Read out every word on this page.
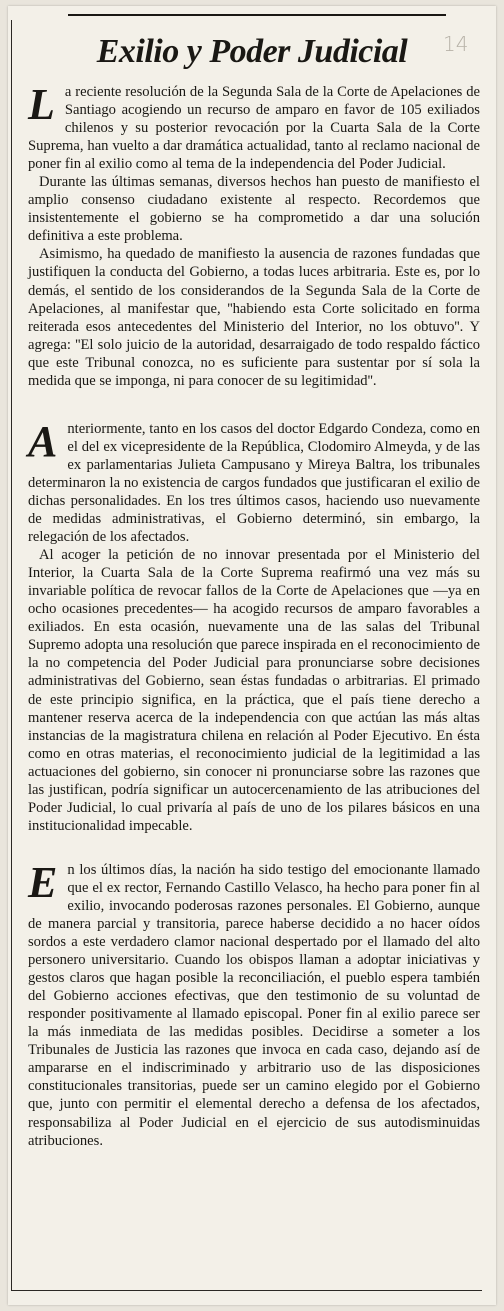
Exilio y Poder Judicial	14
L a reciente resolución de la Segunda Sala de la Corte de Apelaciones de Santiago acogiendo un recurso de amparo en favor de 105 exiliados chilenos y su posterior revocación por la Cuarta Sala de la Corte Suprema, han vuelto a dar dramática actualidad, tanto al reclamo nacional de poner fin al exilio como al tema de la independencia del Poder Judicial.

Durante las últimas semanas, diversos hechos han puesto de manifiesto el amplio consenso ciudadano existente al respecto. Recordemos que insistentemente el gobierno se ha comprometido a dar una solución definitiva a este problema.

Asimismo, ha quedado de manifiesto la ausencia de razones fundadas que justifiquen la conducta del Gobierno, a todas luces arbitraria. Este es, por lo demás, el sentido de los considerandos de la Segunda Sala de la Corte de Apelaciones, al manifestar que, ''habiendo esta Corte solicitado en forma reiterada esos antecedentes del Ministerio del Interior, no los obtuvo''. Y agrega: ''El solo juicio de la autoridad, desarraigado de todo respaldo fáctico que este Tribunal conozca, no es suficiente para sustentar por sí sola la medida que se imponga, ni para conocer de su legitimidad''.

A nteriormente, tanto en los casos del doctor Edgardo Condeza, como en el del ex vicepresidente de la República, Clodomiro Almeyda, y de las ex parlamentarias Julieta Campusano y Mireya Baltra, los tribunales determinaron la no existencia de cargos fundados que justificaran el exilio de dichas personalidades. En los tres últimos casos, haciendo uso nuevamente de medidas administrativas, el Gobierno determinó, sin embargo, la relegación de los afectados.

Al acoger la petición de no innovar presentada por el Ministerio del Interior, la Cuarta Sala de la Corte Suprema reafirmó una vez más su invariable política de revocar fallos de la Corte de Apelaciones que —ya en ocho ocasiones precedentes— ha acogido recursos de amparo favorables a exiliados. En esta ocasión, nuevamente una de las salas del Tribunal Supremo adopta una resolución que parece inspirada en el reconocimiento de la no competencia del Poder Judicial para pronunciarse sobre decisiones administrativas del Gobierno, sean éstas fundadas o arbitrarias. El primado de este principio significa, en la práctica, que el país tiene derecho a mantener reserva acerca de la independencia con que actúan las más altas instancias de la magistratura chilena en relación al Poder Ejecutivo. En ésta como en otras materias, el reconocimiento judicial de la legitimidad a las actuaciones del gobierno, sin conocer ni pronunciarse sobre las razones que las justifican, podría significar un autocercenamiento de las atribuciones del Poder Judicial, lo cual privaría al país de uno de los pilares básicos en una institucionalidad impecable.

E n los últimos días, la nación ha sido testigo del emocionante llamado que el ex rector, Fernando Castillo Velasco, ha hecho para poner fin al exilio, invocando poderosas razones personales. El Gobierno, aunque de manera parcial y transitoria, parece haberse decidido a no hacer oídos sordos a este verdadero clamor nacional despertado por el llamado del alto personero universitario. Cuando los obispos llaman a adoptar iniciativas y gestos claros que hagan posible la reconciliación, el pueblo espera también del Gobierno acciones efectivas, que den testimonio de su voluntad de responder positivamente al llamado episcopal. Poner fin al exilio parece ser la más inmediata de las medidas posibles. Decidirse a someter a los Tribunales de Justicia las razones que invoca en cada caso, dejando así de ampararse en el indiscriminado y arbitrario uso de las disposiciones constitucionales transitorias, puede ser un camino elegido por el Gobierno que, junto con permitir el elemental derecho a defensa de los afectados, responsabiliza al Poder Judicial en el ejercicio de sus autodisminuidas atribuciones.
